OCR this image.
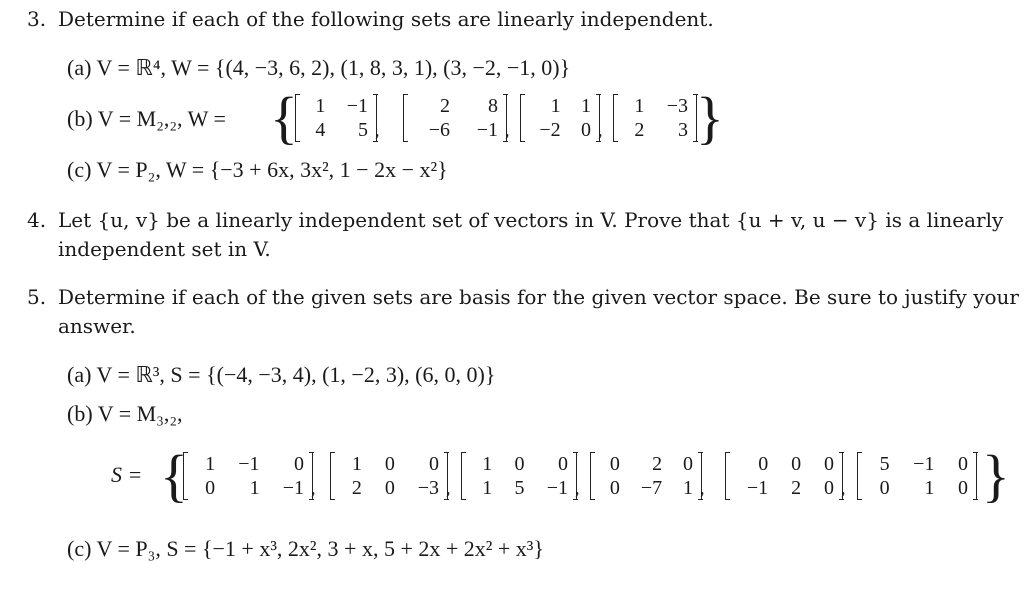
3. Determine if each of the following sets are linearly independent.
(a) V = ℝ⁴, W = {(4, −3, 6, 2), (1, 8, 3, 1), (3, −2, −1, 0)}
(b) V = M₂,₂, W = { 1	−1
4	5 ,
2	8
−6	−1 ,
1	1
−2	0 ,
1	−3
2	3 }
(c) V = P₂, W = {−3 + 6x, 3x², 1 − 2x − x²}
4. Let {u, v} be a linearly independent set of vectors in V. Prove that {u + v, u − v} is a linearly
independent set in V.
5. Determine if each of the given sets are basis for the given vector space. Be sure to justify your
answer.
(a) V = ℝ³, S = {(−4, −3, 4), (1, −2, 3), (6, 0, 0)}
(b) V = M₃,₂,
S = { 1	−1	0
0	1	−1 ,
1	0	0
2	0	−3 ,
1	0	0
1	5	−1 ,
0	2	0
0	−7	1 ,
0	0	0
−1	2	0 ,
5	−1	0
0	1	0 }
(c) V = P₃, S = {−1 + x³, 2x², 3 + x, 5 + 2x + 2x² + x³}
